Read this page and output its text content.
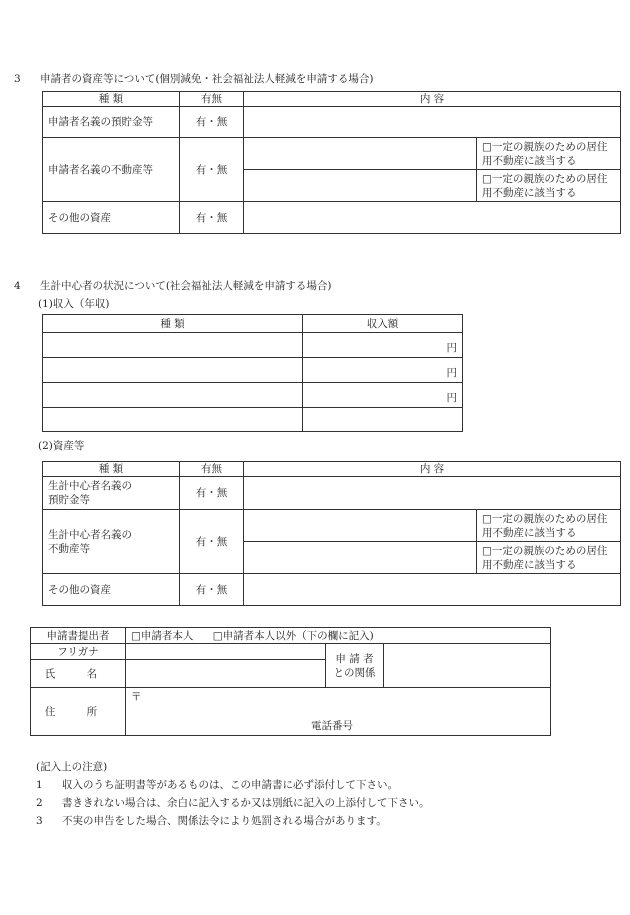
3 申請者の資産等について(個別減免・社会福祉法人軽減を申請する場合)
種 類	有無	内 容	
申請者名義の預貯金等	有・無		
申請者名義の不動産等	有・無		□一定の親族のための居住用不動産に該当する
			□一定の親族のための居住用不動産に該当する
その他の資産	有・無		
4 生計中心者の状況について(社会福祉法人軽減を申請する場合)
(1)収入（年収)
種 類	収入額
	円
	円
	円

(2)資産等
種 類	有無	内 容	
生計中心者名義の預貯金等	有・無		
生計中心者名義の不動産等	有・無		□一定の親族のための居住用不動産に該当する
			□一定の親族のための居住用不動産に該当する
その他の資産	有・無		
申請書提出者	□申請者本人 □申請者本人以外（下の欄に記入)		
フリガナ		申 請 者 との関係	
氏 名			
住 所	〒
電話番号		
(記入上の注意)
1 収入のうち証明書等があるものは、この申請書に必ず添付して下さい。
2 書ききれない場合は、余白に記入するか又は別紙に記入の上添付して下さい。
3 不実の申告をした場合、関係法令により処罰される場合があります。
